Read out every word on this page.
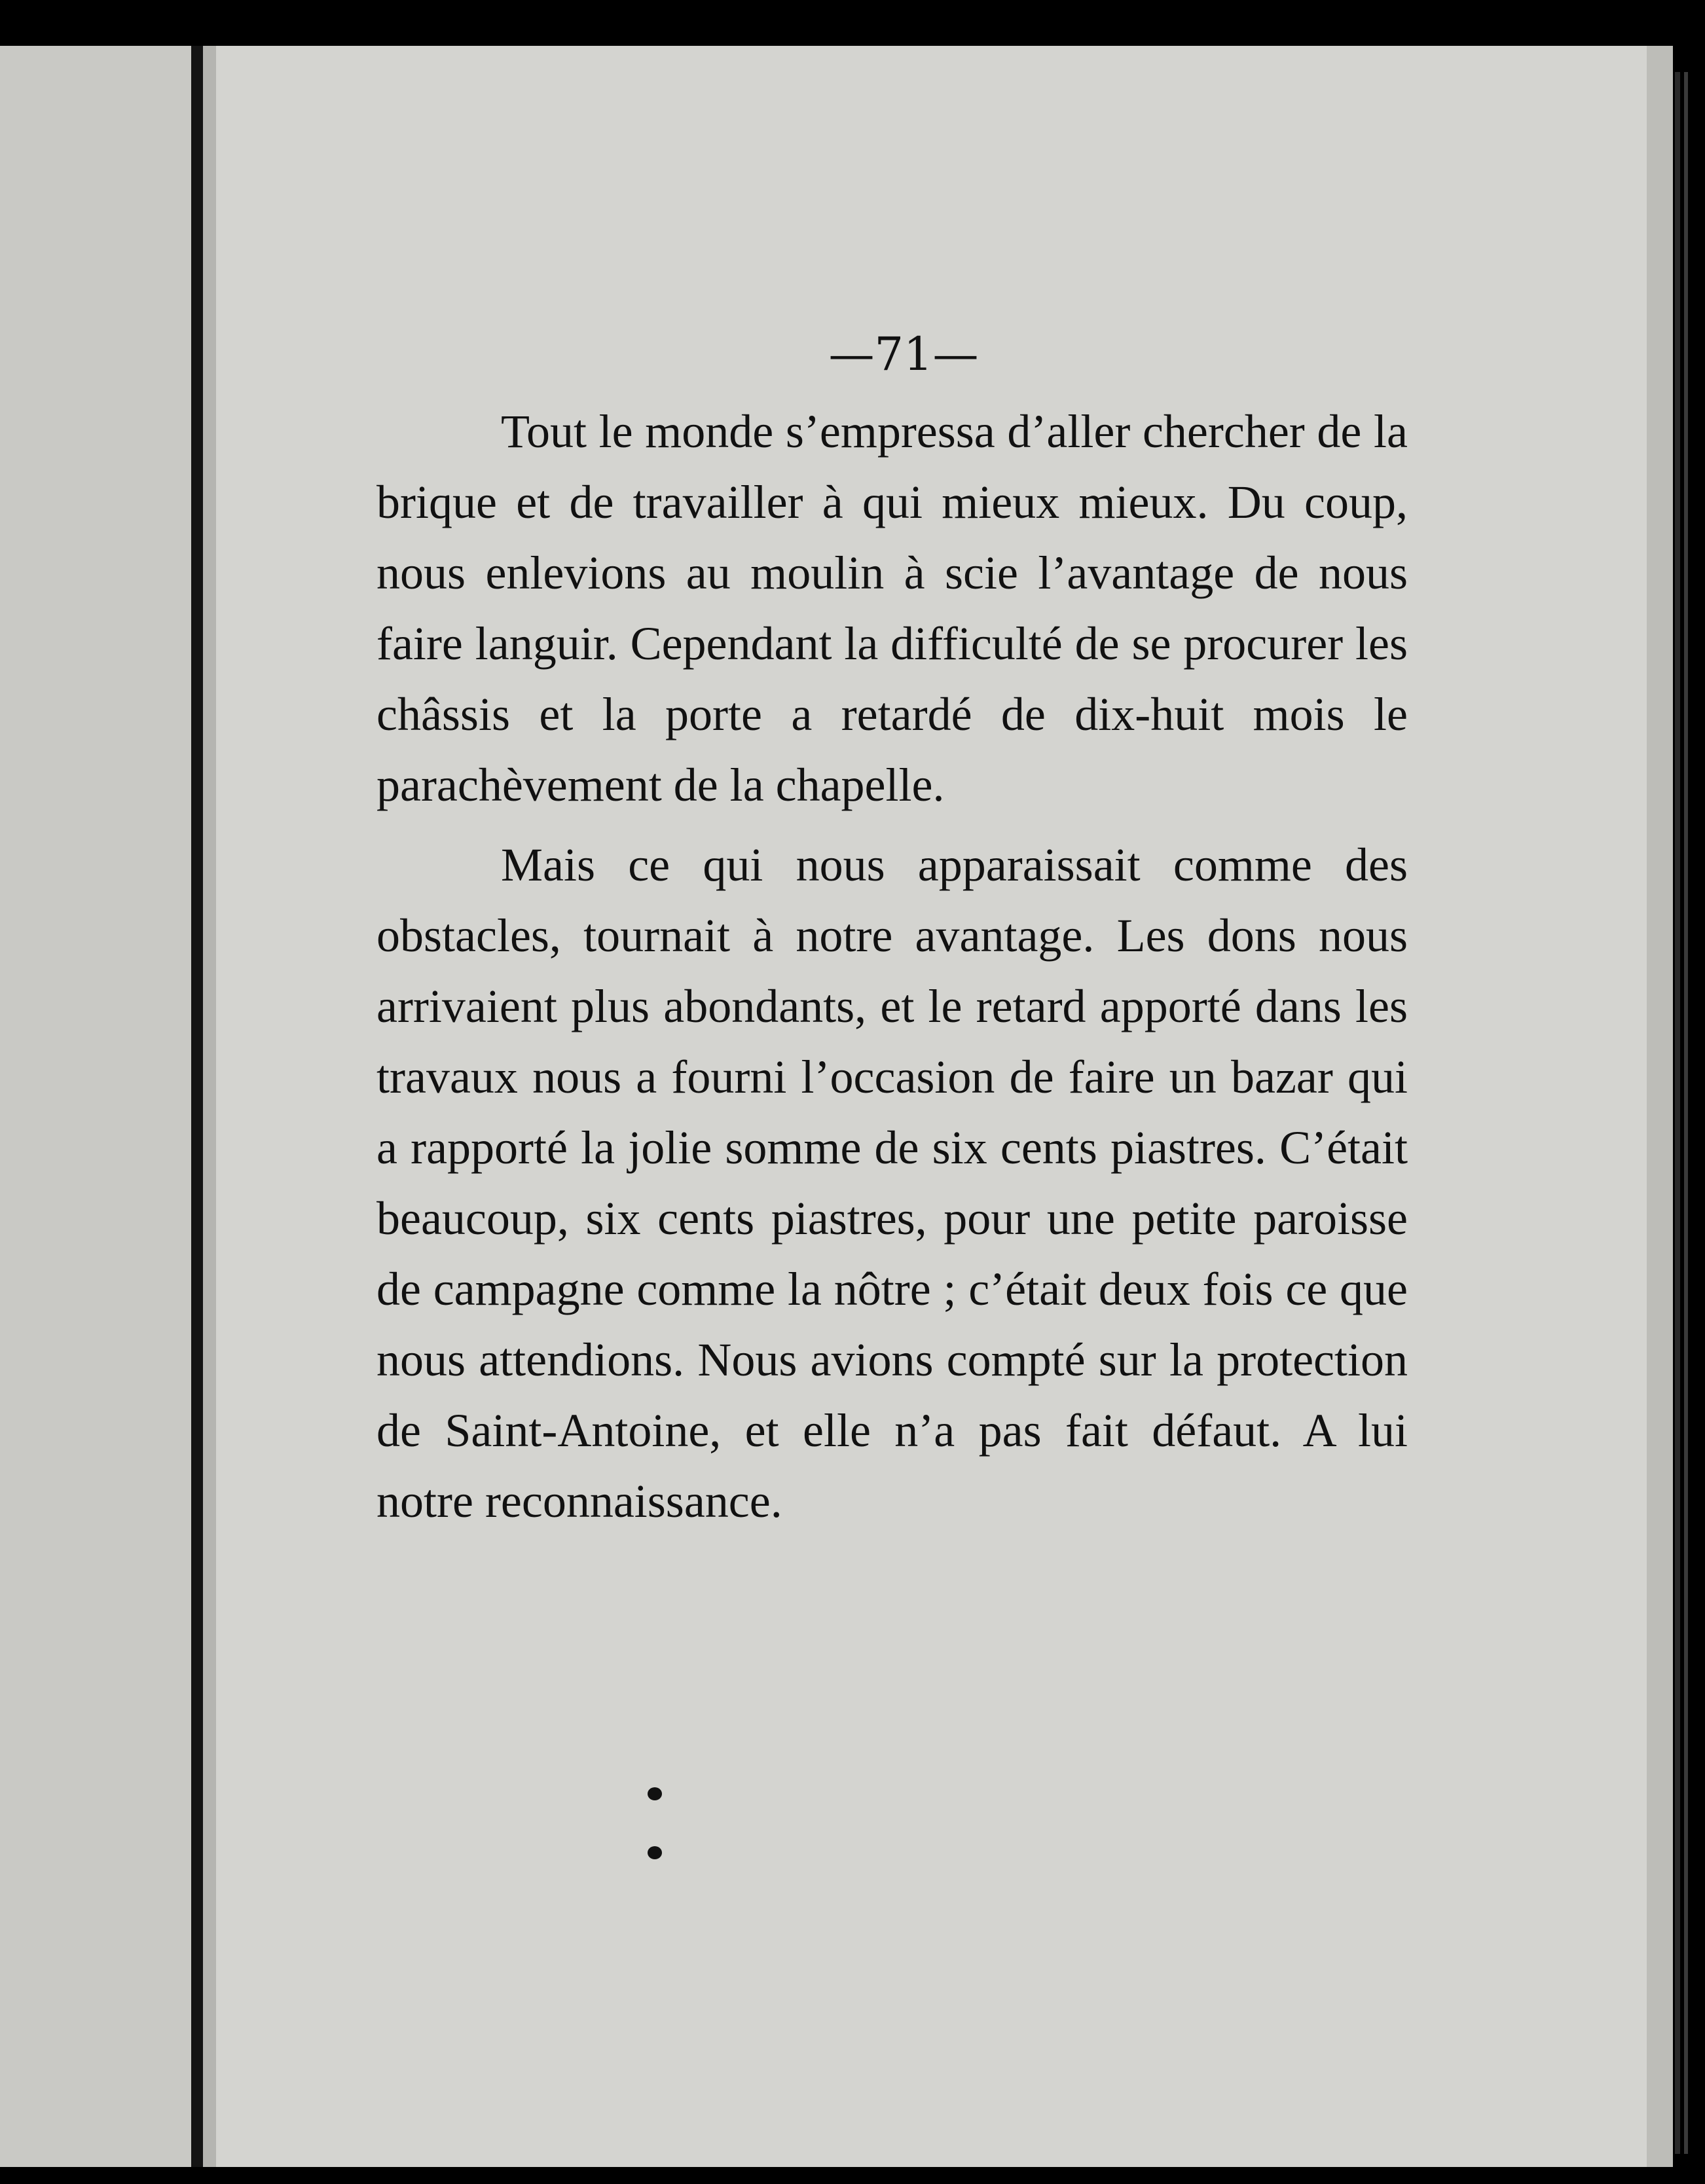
—71—

Tout le monde s’empressa d’aller chercher de la brique et de travailler à qui mieux mieux. Du coup, nous enlevions au moulin à scie l’avantage de nous faire languir. Cependant la difficulté de se procurer les châssis et la porte a retardé de dix-huit mois le parachèvement de la chapelle.

Mais ce qui nous apparaissait comme des obstacles, tournait à notre avantage. Les dons nous arrivaient plus abondants, et le retard apporté dans les travaux nous a fourni l’occasion de faire un bazar qui a rapporté la jolie somme de six cents piastres. C’était beaucoup, six cents piastres, pour une petite paroisse de campagne comme la nôtre ; c’était deux fois ce que nous attendions. Nous avions compté sur la protection de Saint-Antoine, et elle n’a pas fait défaut. A lui notre reconnaissance.
